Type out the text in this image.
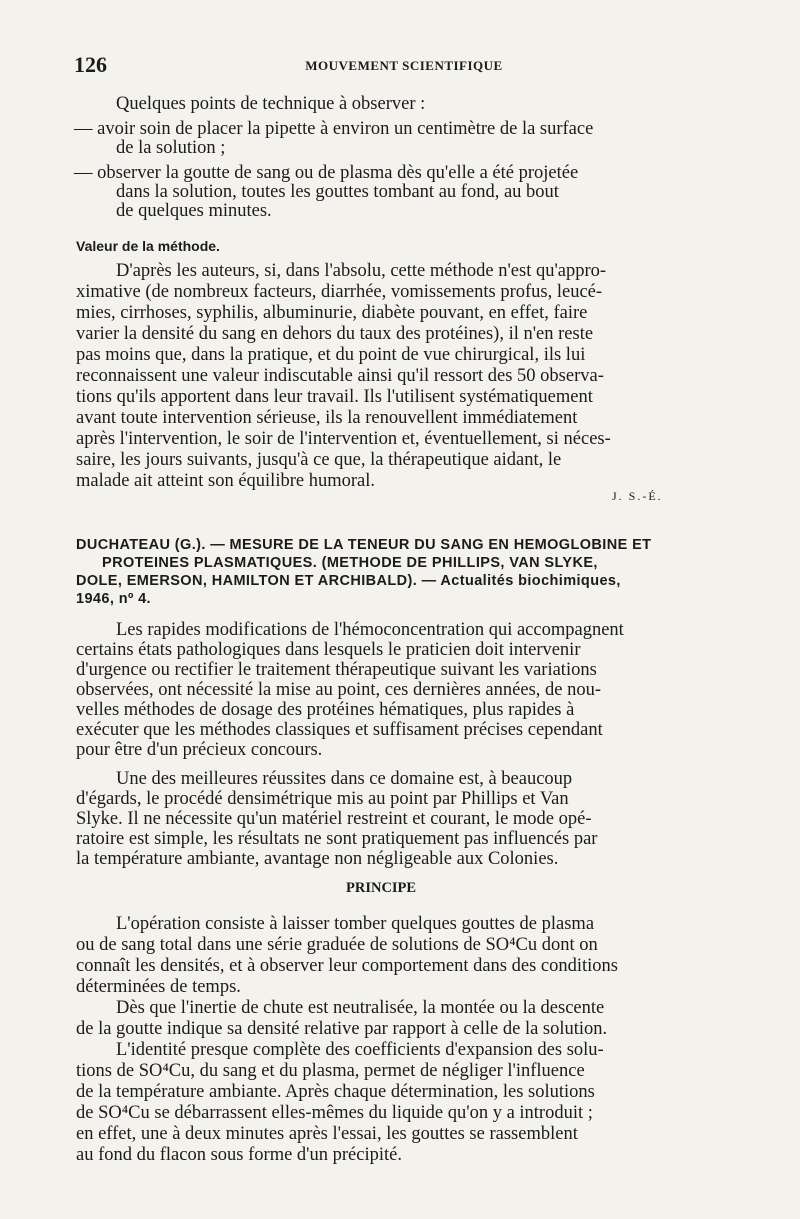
126	MOUVEMENT SCIENTIFIQUE
Quelques points de technique à observer :
— avoir soin de placer la pipette à environ un centimètre de la surface
de la solution ;
— observer la goutte de sang ou de plasma dès qu'elle a été projetée
dans la solution, toutes les gouttes tombant au fond, au bout
de quelques minutes.
Valeur de la méthode.
D'après les auteurs, si, dans l'absolu, cette méthode n'est qu'appro-
ximative (de nombreux facteurs, diarrhée, vomissements profus, leucé-
mies, cirrhoses, syphilis, albuminurie, diabète pouvant, en effet, faire
varier la densité du sang en dehors du taux des protéines), il n'en reste
pas moins que, dans la pratique, et du point de vue chirurgical, ils lui
reconnaissent une valeur indiscutable ainsi qu'il ressort des 50 observa-
tions qu'ils apportent dans leur travail. Ils l'utilisent systématiquement
avant toute intervention sérieuse, ils la renouvellent immédiatement
après l'intervention, le soir de l'intervention et, éventuellement, si néces-
saire, les jours suivants, jusqu'à ce que, la thérapeutique aidant, le
malade ait atteint son équilibre humoral.
J. S.-É.
DUCHATEAU (G.). — MESURE DE LA TENEUR DU SANG EN HEMOGLOBINE ET
PROTEINES PLASMATIQUES. (METHODE DE PHILLIPS, VAN SLYKE,
DOLE, EMERSON, HAMILTON ET ARCHIBALD). — Actualités biochimiques,
1946, nº 4.
Les rapides modifications de l'hémoconcentration qui accompagnent
certains états pathologiques dans lesquels le praticien doit intervenir
d'urgence ou rectifier le traitement thérapeutique suivant les variations
observées, ont nécessité la mise au point, ces dernières années, de nou-
velles méthodes de dosage des protéines hématiques, plus rapides à
exécuter que les méthodes classiques et suffisament précises cependant
pour être d'un précieux concours.
Une des meilleures réussites dans ce domaine est, à beaucoup
d'égards, le procédé densimétrique mis au point par Phillips et Van
Slyke. Il ne nécessite qu'un matériel restreint et courant, le mode opé-
ratoire est simple, les résultats ne sont pratiquement pas influencés par
la température ambiante, avantage non négligeable aux Colonies.
PRINCIPE
L'opération consiste à laisser tomber quelques gouttes de plasma
ou de sang total dans une série graduée de solutions de SO⁴Cu dont on
connaît les densités, et à observer leur comportement dans des conditions
déterminées de temps.
Dès que l'inertie de chute est neutralisée, la montée ou la descente
de la goutte indique sa densité relative par rapport à celle de la solution.
L'identité presque complète des coefficients d'expansion des solu-
tions de SO⁴Cu, du sang et du plasma, permet de négliger l'influence
de la température ambiante. Après chaque détermination, les solutions
de SO⁴Cu se débarrassent elles-mêmes du liquide qu'on y a introduit ;
en effet, une à deux minutes après l'essai, les gouttes se rassemblent
au fond du flacon sous forme d'un précipité.
